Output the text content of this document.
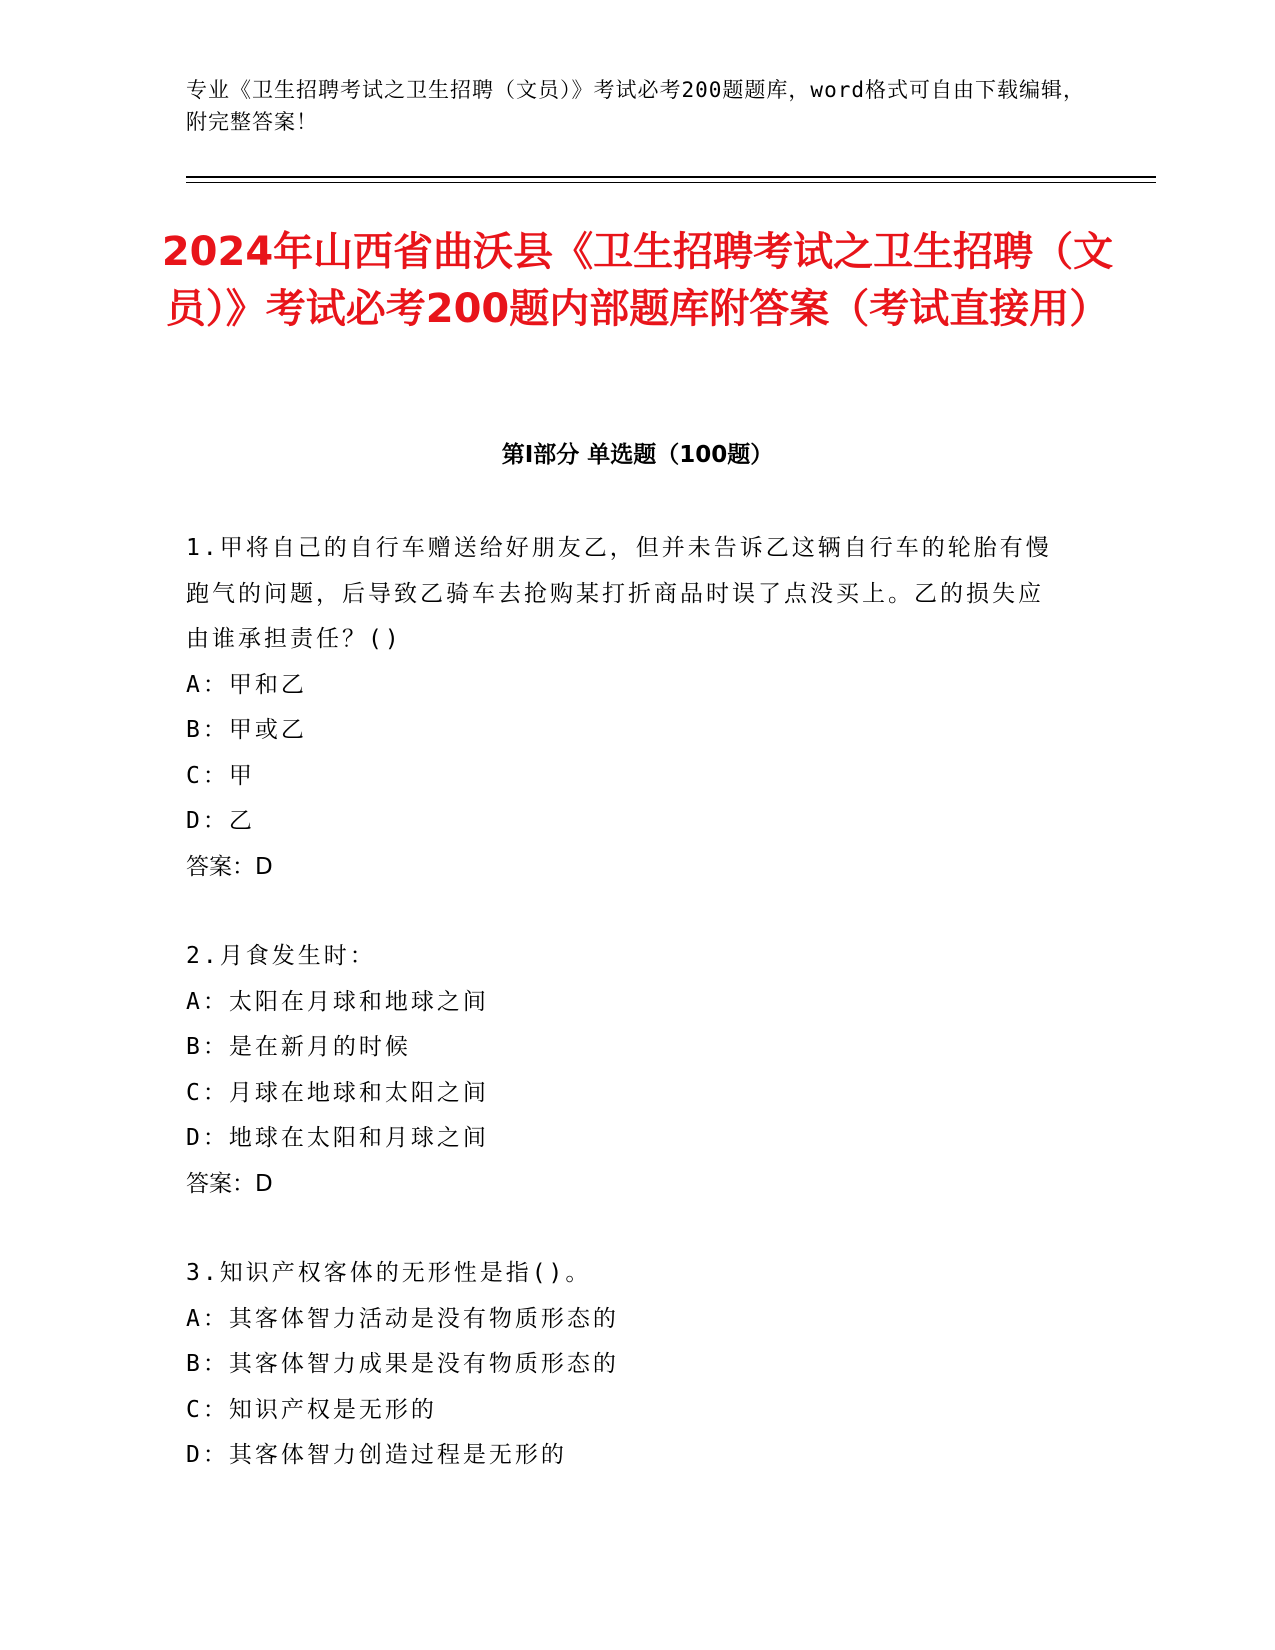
专业《卫生招聘考试之卫生招聘（文员）》考试必考200题题库，word格式可自由下载编辑，附完整答案！
2024年山西省曲沃县《卫生招聘考试之卫生招聘（文员）》考试必考200题内部题库附答案（考试直接用）
第Ⅰ部分 单选题（100题）
1.甲将自己的自行车赠送给好朋友乙，但并未告诉乙这辆自行车的轮胎有慢跑气的问题，后导致乙骑车去抢购某打折商品时误了点没买上。乙的损失应由谁承担责任？()
A：甲和乙
B：甲或乙
C：甲
D：乙
答案：D
2.月食发生时：
A：太阳在月球和地球之间
B：是在新月的时候
C：月球在地球和太阳之间
D：地球在太阳和月球之间
答案：D
3.知识产权客体的无形性是指()。
A：其客体智力活动是没有物质形态的
B：其客体智力成果是没有物质形态的
C：知识产权是无形的
D：其客体智力创造过程是无形的
